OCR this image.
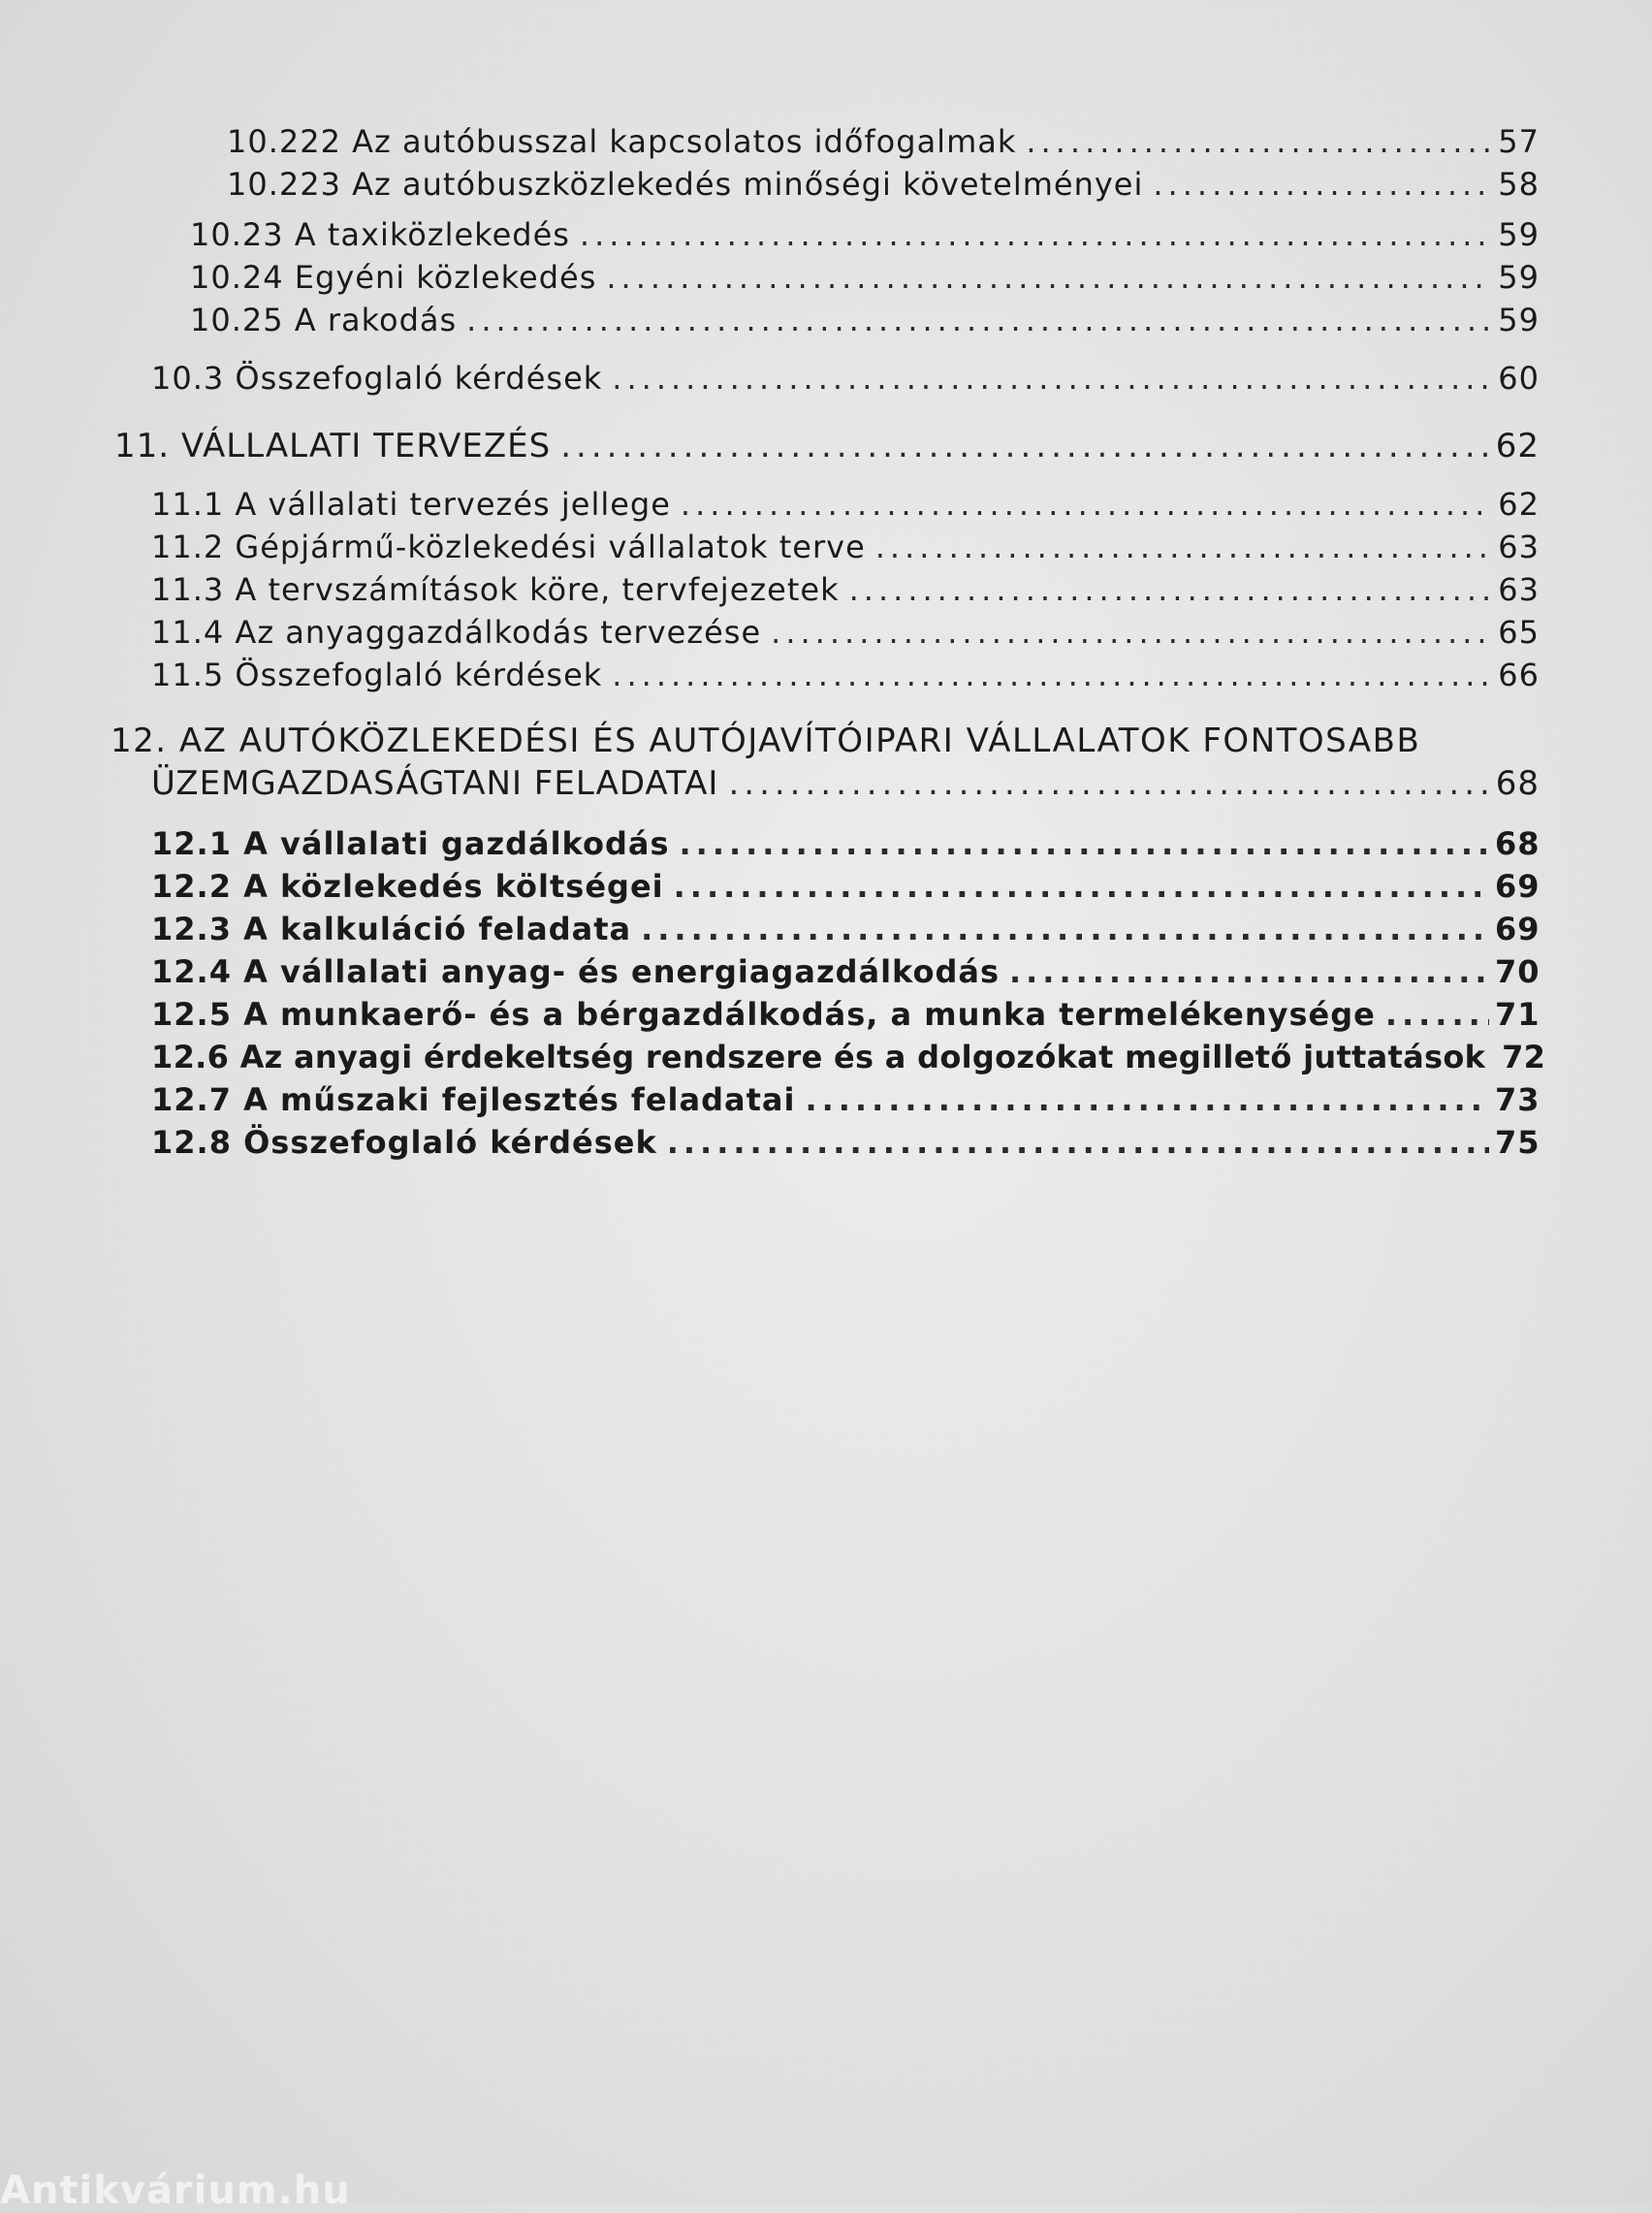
10.222 Az autóbusszal kapcsolatos időfogalmak .....	57
10.223 Az autóbuszközlekedés minőségi követelményei .....	58
10.23 A taxiközlekedés .....	59
10.24 Egyéni közlekedés .....	59
10.25 A rakodás .....	59
10.3 Összefoglaló kérdések .....	60
11. VÁLLALATI TERVEZÉS .....	62
11.1 A vállalati tervezés jellege .....	62
11.2 Gépjármű-közlekedési vállalatok terve .....	63
11.3 A tervszámítások köre, tervfejezetek .....	63
11.4 Az anyaggazdálkodás tervezése .....	65
11.5 Összefoglaló kérdések .....	66
12. AZ AUTÓKÖZLEKEDÉSI ÉS AUTÓJAVÍTÓIPARI VÁLLALATOK FONTOSABB
ÜZEMGAZDASÁGTANI FELADATAI .....	68
12.1 A vállalati gazdálkodás .....	68
12.2 A közlekedés költségei .....	69
12.3 A kalkuláció feladata .....	69
12.4 A vállalati anyag- és energiagazdálkodás .....	70
12.5 A munkaerő- és a bérgazdálkodás, a munka termelékenysége .....	71
12.6 Az anyagi érdekeltség rendszere és a dolgozókat megillető juttatások 72
12.7 A műszaki fejlesztés feladatai .....	73
12.8 Összefoglaló kérdések .....	75
Antikvárium.hu
